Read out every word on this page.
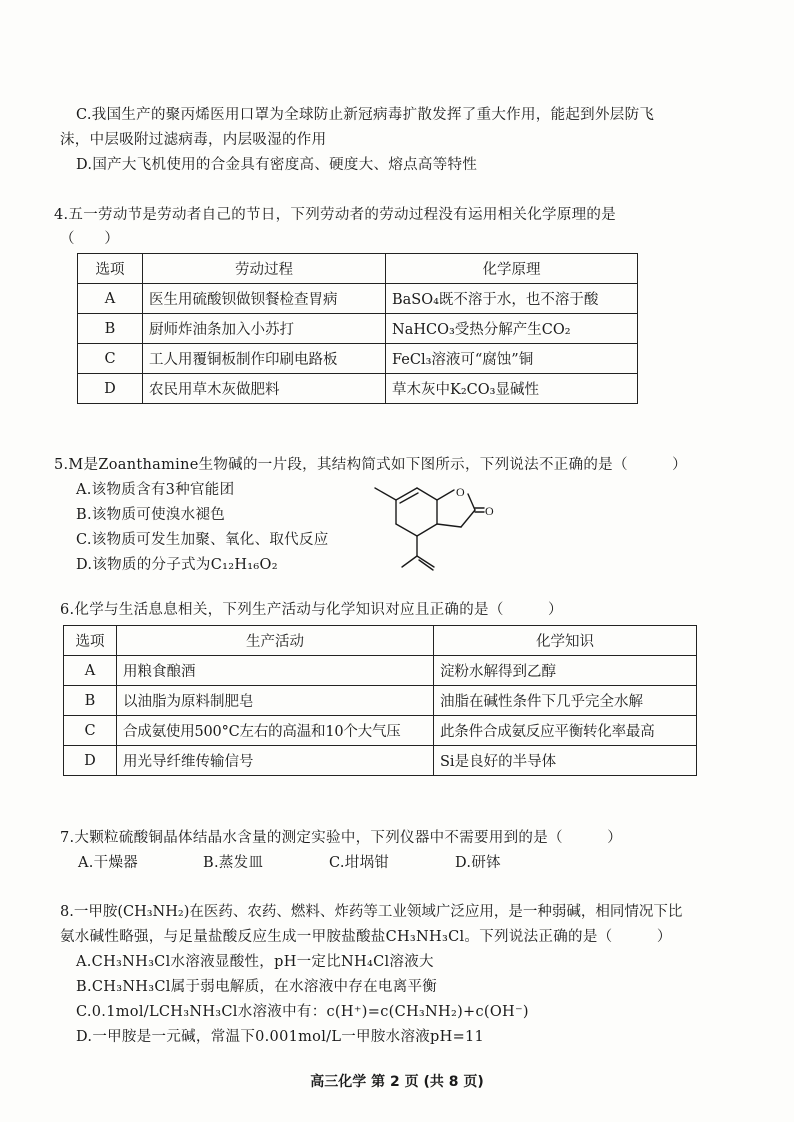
C.我国生产的聚丙烯医用口罩为全球防止新冠病毒扩散发挥了重大作用，能起到外层防飞
沫，中层吸附过滤病毒，内层吸湿的作用
D.国产大飞机使用的合金具有密度高、硬度大、熔点高等特性
4.五一劳动节是劳动者自己的节日，下列劳动者的劳动过程没有运用相关化学原理的是
（　　）
选项	劳动过程	化学原理
A	医生用硫酸钡做钡餐检查胃病	BaSO₄既不溶于水，也不溶于酸
B	厨师炸油条加入小苏打	NaHCO₃受热分解产生CO₂
C	工人用覆铜板制作印刷电路板	FeCl₃溶液可“腐蚀”铜
D	农民用草木灰做肥料	草木灰中K₂CO₃显碱性
5.M是Zoanthamine生物碱的一片段，其结构简式如下图所示，下列说法不正确的是（　　　）
A.该物质含有3种官能团
B.该物质可使溴水褪色
C.该物质可发生加聚、氧化、取代反应
D.该物质的分子式为C₁₂H₁₆O₂
O
O
6.化学与生活息息相关，下列生产活动与化学知识对应且正确的是（　　　）
选项	生产活动	化学知识
A	用粮食酿酒	淀粉水解得到乙醇
B	以油脂为原料制肥皂	油脂在碱性条件下几乎完全水解
C	合成氨使用500°C左右的高温和10个大气压	此条件合成氨反应平衡转化率最高
D	用光导纤维传输信号	Si是良好的半导体
7.大颗粒硫酸铜晶体结晶水含量的测定实验中，下列仪器中不需要用到的是（　　　）
A.干燥器	B.蒸发皿	C.坩埚钳	D.研钵
8.一甲胺(CH₃NH₂)在医药、农药、燃料、炸药等工业领域广泛应用，是一种弱碱，相同情况下比
氨水碱性略强，与足量盐酸反应生成一甲胺盐酸盐CH₃NH₃Cl。下列说法正确的是（　　　）
A.CH₃NH₃Cl水溶液显酸性，pH一定比NH₄Cl溶液大
B.CH₃NH₃Cl属于弱电解质，在水溶液中存在电离平衡
C.0.1mol/LCH₃NH₃Cl水溶液中有：c(H⁺)=c(CH₃NH₂)+c(OH⁻)
D.一甲胺是一元碱，常温下0.001mol/L一甲胺水溶液pH=11
高三化学 第 2 页 (共 8 页)
